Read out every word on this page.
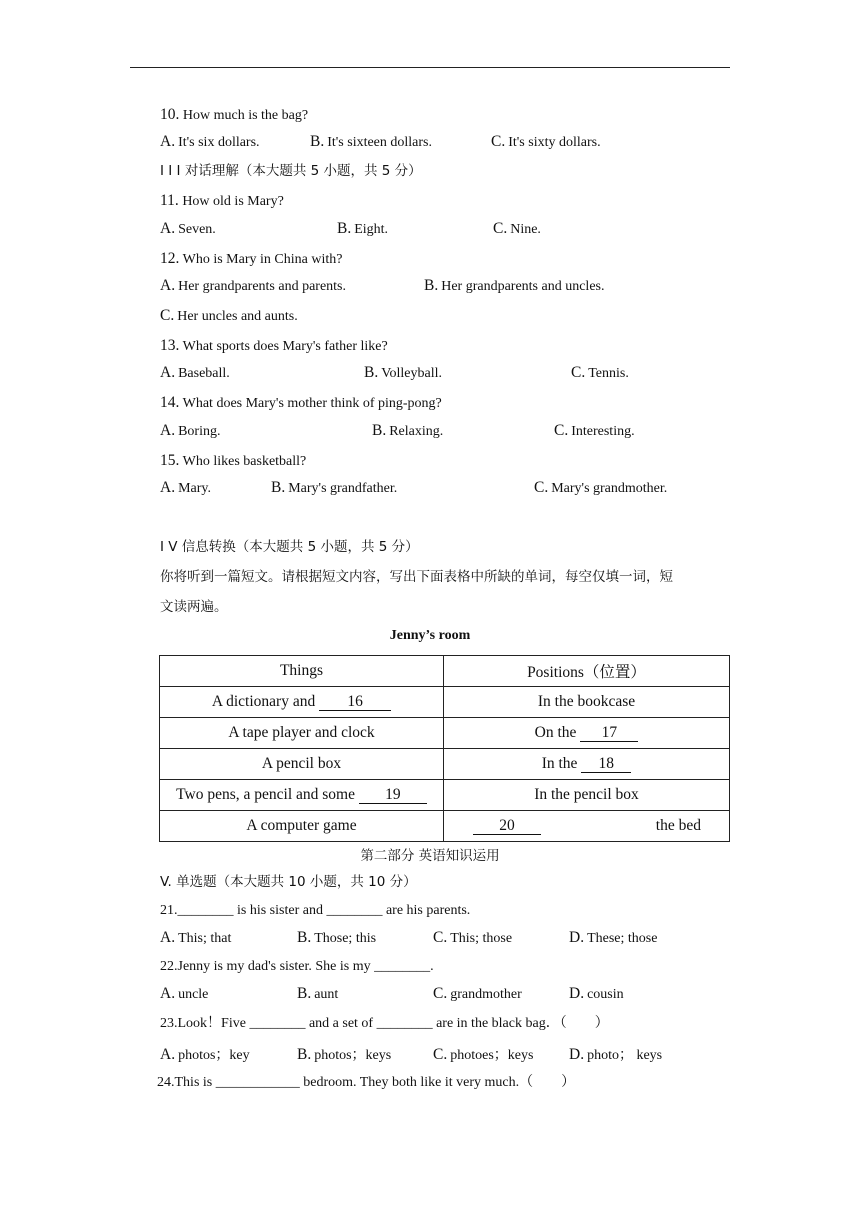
10. How much is the bag?
A. It's six dollars.	B. It's sixteen dollars.	C. It's sixty dollars.
I I I 对话理解（本大题共 5 小题，共 5 分）
11. How old is Mary?
A. Seven.	B. Eight.	C. Nine.
12. Who is Mary in China with?
A. Her grandparents and parents.	B. Her grandparents and uncles.
C. Her uncles and aunts.
13. What sports does Mary's father like?
A. Baseball.	B. Volleyball.	C. Tennis.
14. What does Mary's mother think of ping-pong?
A. Boring.	B. Relaxing.	C. Interesting.
15. Who likes basketball?
A. Mary.	B. Mary's grandfather.	C. Mary's grandmother.
I V 信息转换（本大题共 5 小题，共 5 分）
你将听到一篇短文。请根据短文内容，写出下面表格中所缺的单词，每空仅填一词，短
文读两遍。
Jenny’s room
Things	Positions（位置）
A dictionary and 16	In the bookcase
A tape player and clock	On the 17
A pencil box	In the 18
Two pens, a pencil and some 19	In the pencil box
A computer game	20 the bed
第二部分 英语知识运用
V. 单选题（本大题共 10 小题，共 10 分）
21.________ is his sister and ________ are his parents.
A. This; that	B. Those; this	C. This; those	D. These; those
22.Jenny is my dad's sister. She is my ________.
A. uncle	B. aunt	C. grandmother	D. cousin
23.Look！Five ________ and a set of ________ are in the black bag．（　　）
A. photos；key	B. photos；keys	C. photoes；keys D. photo； keys
24.This is ____________ bedroom. They both like it very much.（　　）
